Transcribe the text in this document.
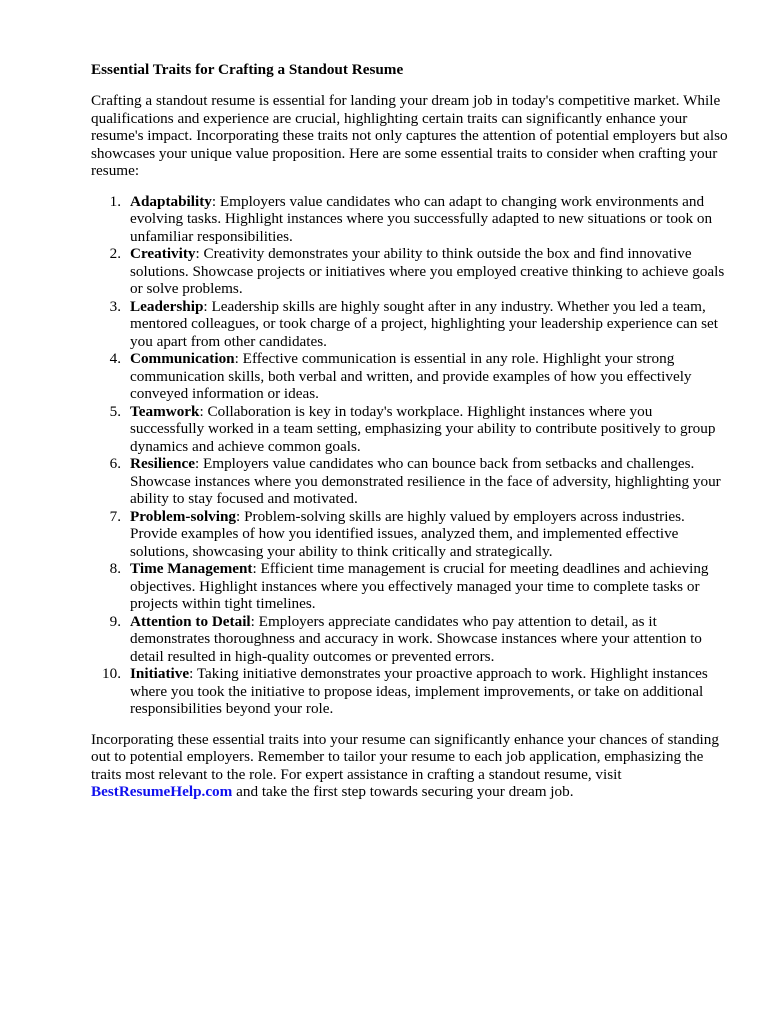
Essential Traits for Crafting a Standout Resume

Crafting a standout resume is essential for landing your dream job in today's competitive market. While qualifications and experience are crucial, highlighting certain traits can significantly enhance your resume's impact. Incorporating these traits not only captures the attention of potential employers but also showcases your unique value proposition. Here are some essential traits to consider when crafting your resume:

1. Adaptability: Employers value candidates who can adapt to changing work environments and evolving tasks. Highlight instances where you successfully adapted to new situations or took on unfamiliar responsibilities.
2. Creativity: Creativity demonstrates your ability to think outside the box and find innovative solutions. Showcase projects or initiatives where you employed creative thinking to achieve goals or solve problems.
3. Leadership: Leadership skills are highly sought after in any industry. Whether you led a team, mentored colleagues, or took charge of a project, highlighting your leadership experience can set you apart from other candidates.
4. Communication: Effective communication is essential in any role. Highlight your strong communication skills, both verbal and written, and provide examples of how you effectively conveyed information or ideas.
5. Teamwork: Collaboration is key in today's workplace. Highlight instances where you successfully worked in a team setting, emphasizing your ability to contribute positively to group dynamics and achieve common goals.
6. Resilience: Employers value candidates who can bounce back from setbacks and challenges. Showcase instances where you demonstrated resilience in the face of adversity, highlighting your ability to stay focused and motivated.
7. Problem-solving: Problem-solving skills are highly valued by employers across industries. Provide examples of how you identified issues, analyzed them, and implemented effective solutions, showcasing your ability to think critically and strategically.
8. Time Management: Efficient time management is crucial for meeting deadlines and achieving objectives. Highlight instances where you effectively managed your time to complete tasks or projects within tight timelines.
9. Attention to Detail: Employers appreciate candidates who pay attention to detail, as it demonstrates thoroughness and accuracy in work. Showcase instances where your attention to detail resulted in high-quality outcomes or prevented errors.
10. Initiative: Taking initiative demonstrates your proactive approach to work. Highlight instances where you took the initiative to propose ideas, implement improvements, or take on additional responsibilities beyond your role.

Incorporating these essential traits into your resume can significantly enhance your chances of standing out to potential employers. Remember to tailor your resume to each job application, emphasizing the traits most relevant to the role. For expert assistance in crafting a standout resume, visit BestResumeHelp.com and take the first step towards securing your dream job.
